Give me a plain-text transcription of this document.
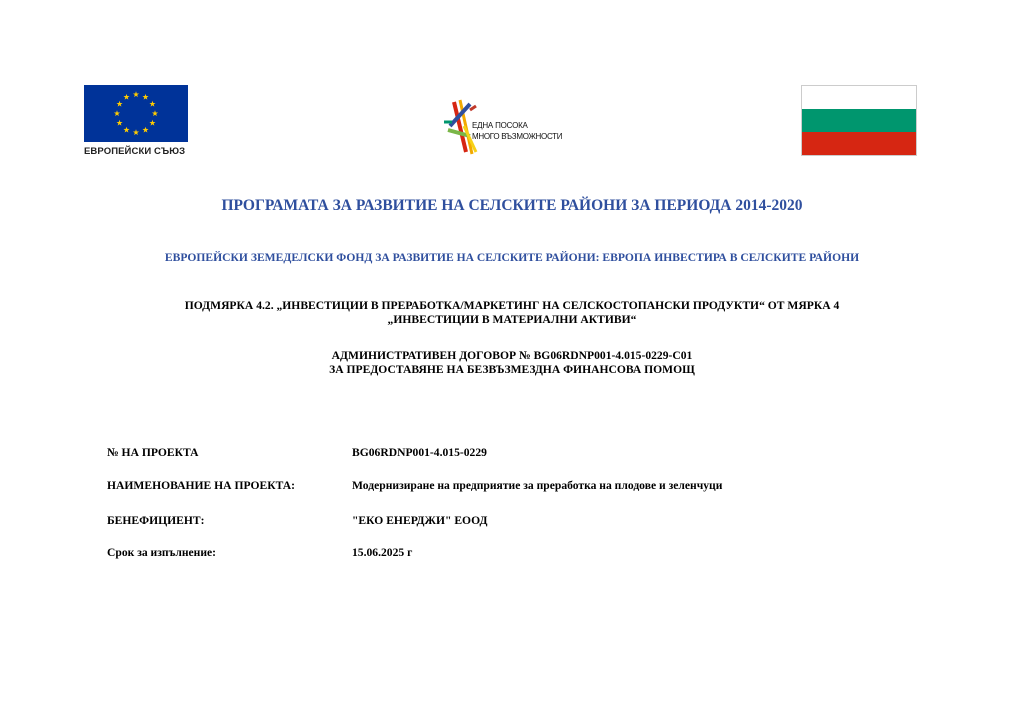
ЕВРОПЕЙСКИ СЪЮЗ
ЕДНА ПОСОКА
МНОГО ВЪЗМОЖНОСТИ
ПРОГРАМАТА ЗА РАЗВИТИЕ НА СЕЛСКИТЕ РАЙОНИ ЗА ПЕРИОДА 2014-2020
ЕВРОПЕЙСКИ ЗЕМЕДЕЛСКИ ФОНД ЗА РАЗВИТИЕ НА СЕЛСКИТЕ РАЙОНИ: ЕВРОПА ИНВЕСТИРА В СЕЛСКИТЕ РАЙОНИ
ПОДМЯРКА 4.2. „ИНВЕСТИЦИИ В ПРЕРАБОТКА/МАРКЕТИНГ НА СЕЛСКОСТОПАНСКИ ПРОДУКТИ“ ОТ МЯРКА 4
„ИНВЕСТИЦИИ В МАТЕРИАЛНИ АКТИВИ“
АДМИНИСТРАТИВЕН ДОГОВОР № BG06RDNP001-4.015-0229-C01
ЗА ПРЕДОСТАВЯНЕ НА БЕЗВЪЗМЕЗДНА ФИНАНСОВА ПОМОЩ
№ НА ПРОЕКТА	BG06RDNP001-4.015-0229
НАИМЕНОВАНИЕ НА ПРОЕКТА:	Модернизиране на предприятие за преработка на плодове и зеленчуци
БЕНЕФИЦИЕНТ:	"ЕКО ЕНЕРДЖИ" ЕООД
Срок за изпълнение:	15.06.2025 г
